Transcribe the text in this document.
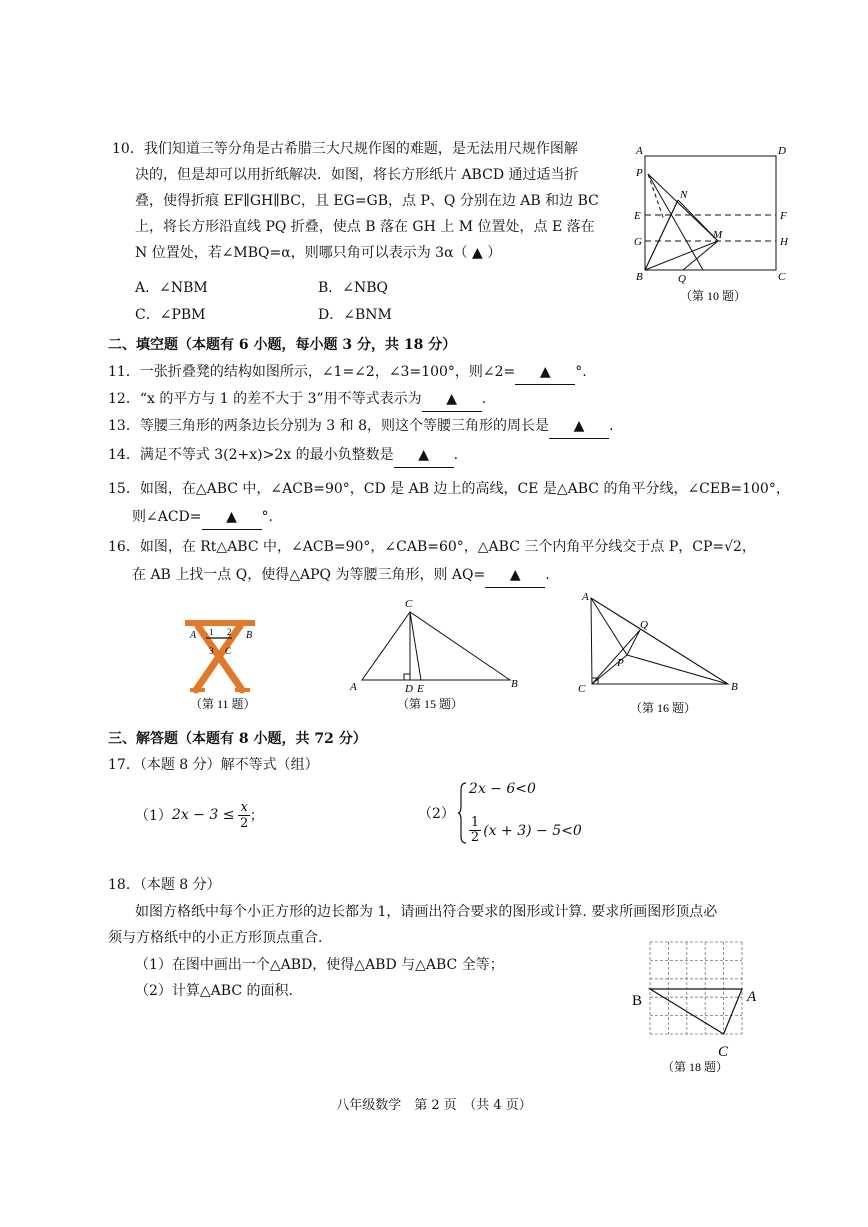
10．我们知道三等分角是古希腊三大尺规作图的难题，是无法用尺规作图解
决的，但是却可以用折纸解决．如图，将长方形纸片 ABCD 通过适当折
叠，使得折痕 EF∥GH∥BC，且 EG=GB，点 P、Q 分别在边 AB 和边 BC
上，将长方形沿直线 PQ 折叠，使点 B 落在 GH 上 M 位置处，点 E 落在
N 位置处，若∠MBQ=α，则哪只角可以表示为 3α（ ▲ ）
A．∠NBM	B．∠NBQ
C．∠PBM	D．∠BNM
A	D
P
N
E	F
G
M
H
B	Q	C
（第 10 题）
二、填空题（本题有 6 小题，每小题 3 分，共 18 分）
11．一张折叠凳的结构如图所示，∠1=∠2，∠3=100°，则∠2= ▲ °.
12．“x 的平方与 1 的差不大于 3”用不等式表示为 ▲ .
13．等腰三角形的两条边长分别为 3 和 8，则这个等腰三角形的周长是 ▲ .
14．满足不等式 3(2+x)>2x 的最小负整数是 ▲ .
15．如图，在△ABC 中，∠ACB=90°，CD 是 AB 边上的高线，CE 是△ABC 的角平分线，∠CEB=100°，
则∠ACD= ▲ °.
16．如图，在 Rt△ABC 中，∠ACB=90°，∠CAB=60°，△ABC 三个内角平分线交于点 P，CP=√2，
在 AB 上找一点 Q，使得△APQ 为等腰三角形，则 AQ= ▲ .
A 1 2 B
3 C
（第 11 题）
C
A	D E	B
（第 15 题）
A
Q
P
C	B
（第 16 题）
三、解答题（本题有 8 小题，共 72 分）
17．（本题 8 分）解不等式（组）
（1） $2x - 3 \le \frac{x}{2}$ ；	（2）
2x − 6<0
$\frac{1}{2} (x + 3) - 5<0$
18．（本题 8 分）
如图方格纸中每个小正方形的边长都为 1，请画出符合要求的图形或计算. 要求所画图形顶点必
须与方格纸中的小正方形顶点重合.
（1）在图中画出一个△ABD，使得△ABD 与△ABC 全等；
（2）计算△ABC 的面积.
B	A
C
（第 18 题）
八年级数学　第 2 页　（共 4 页）
